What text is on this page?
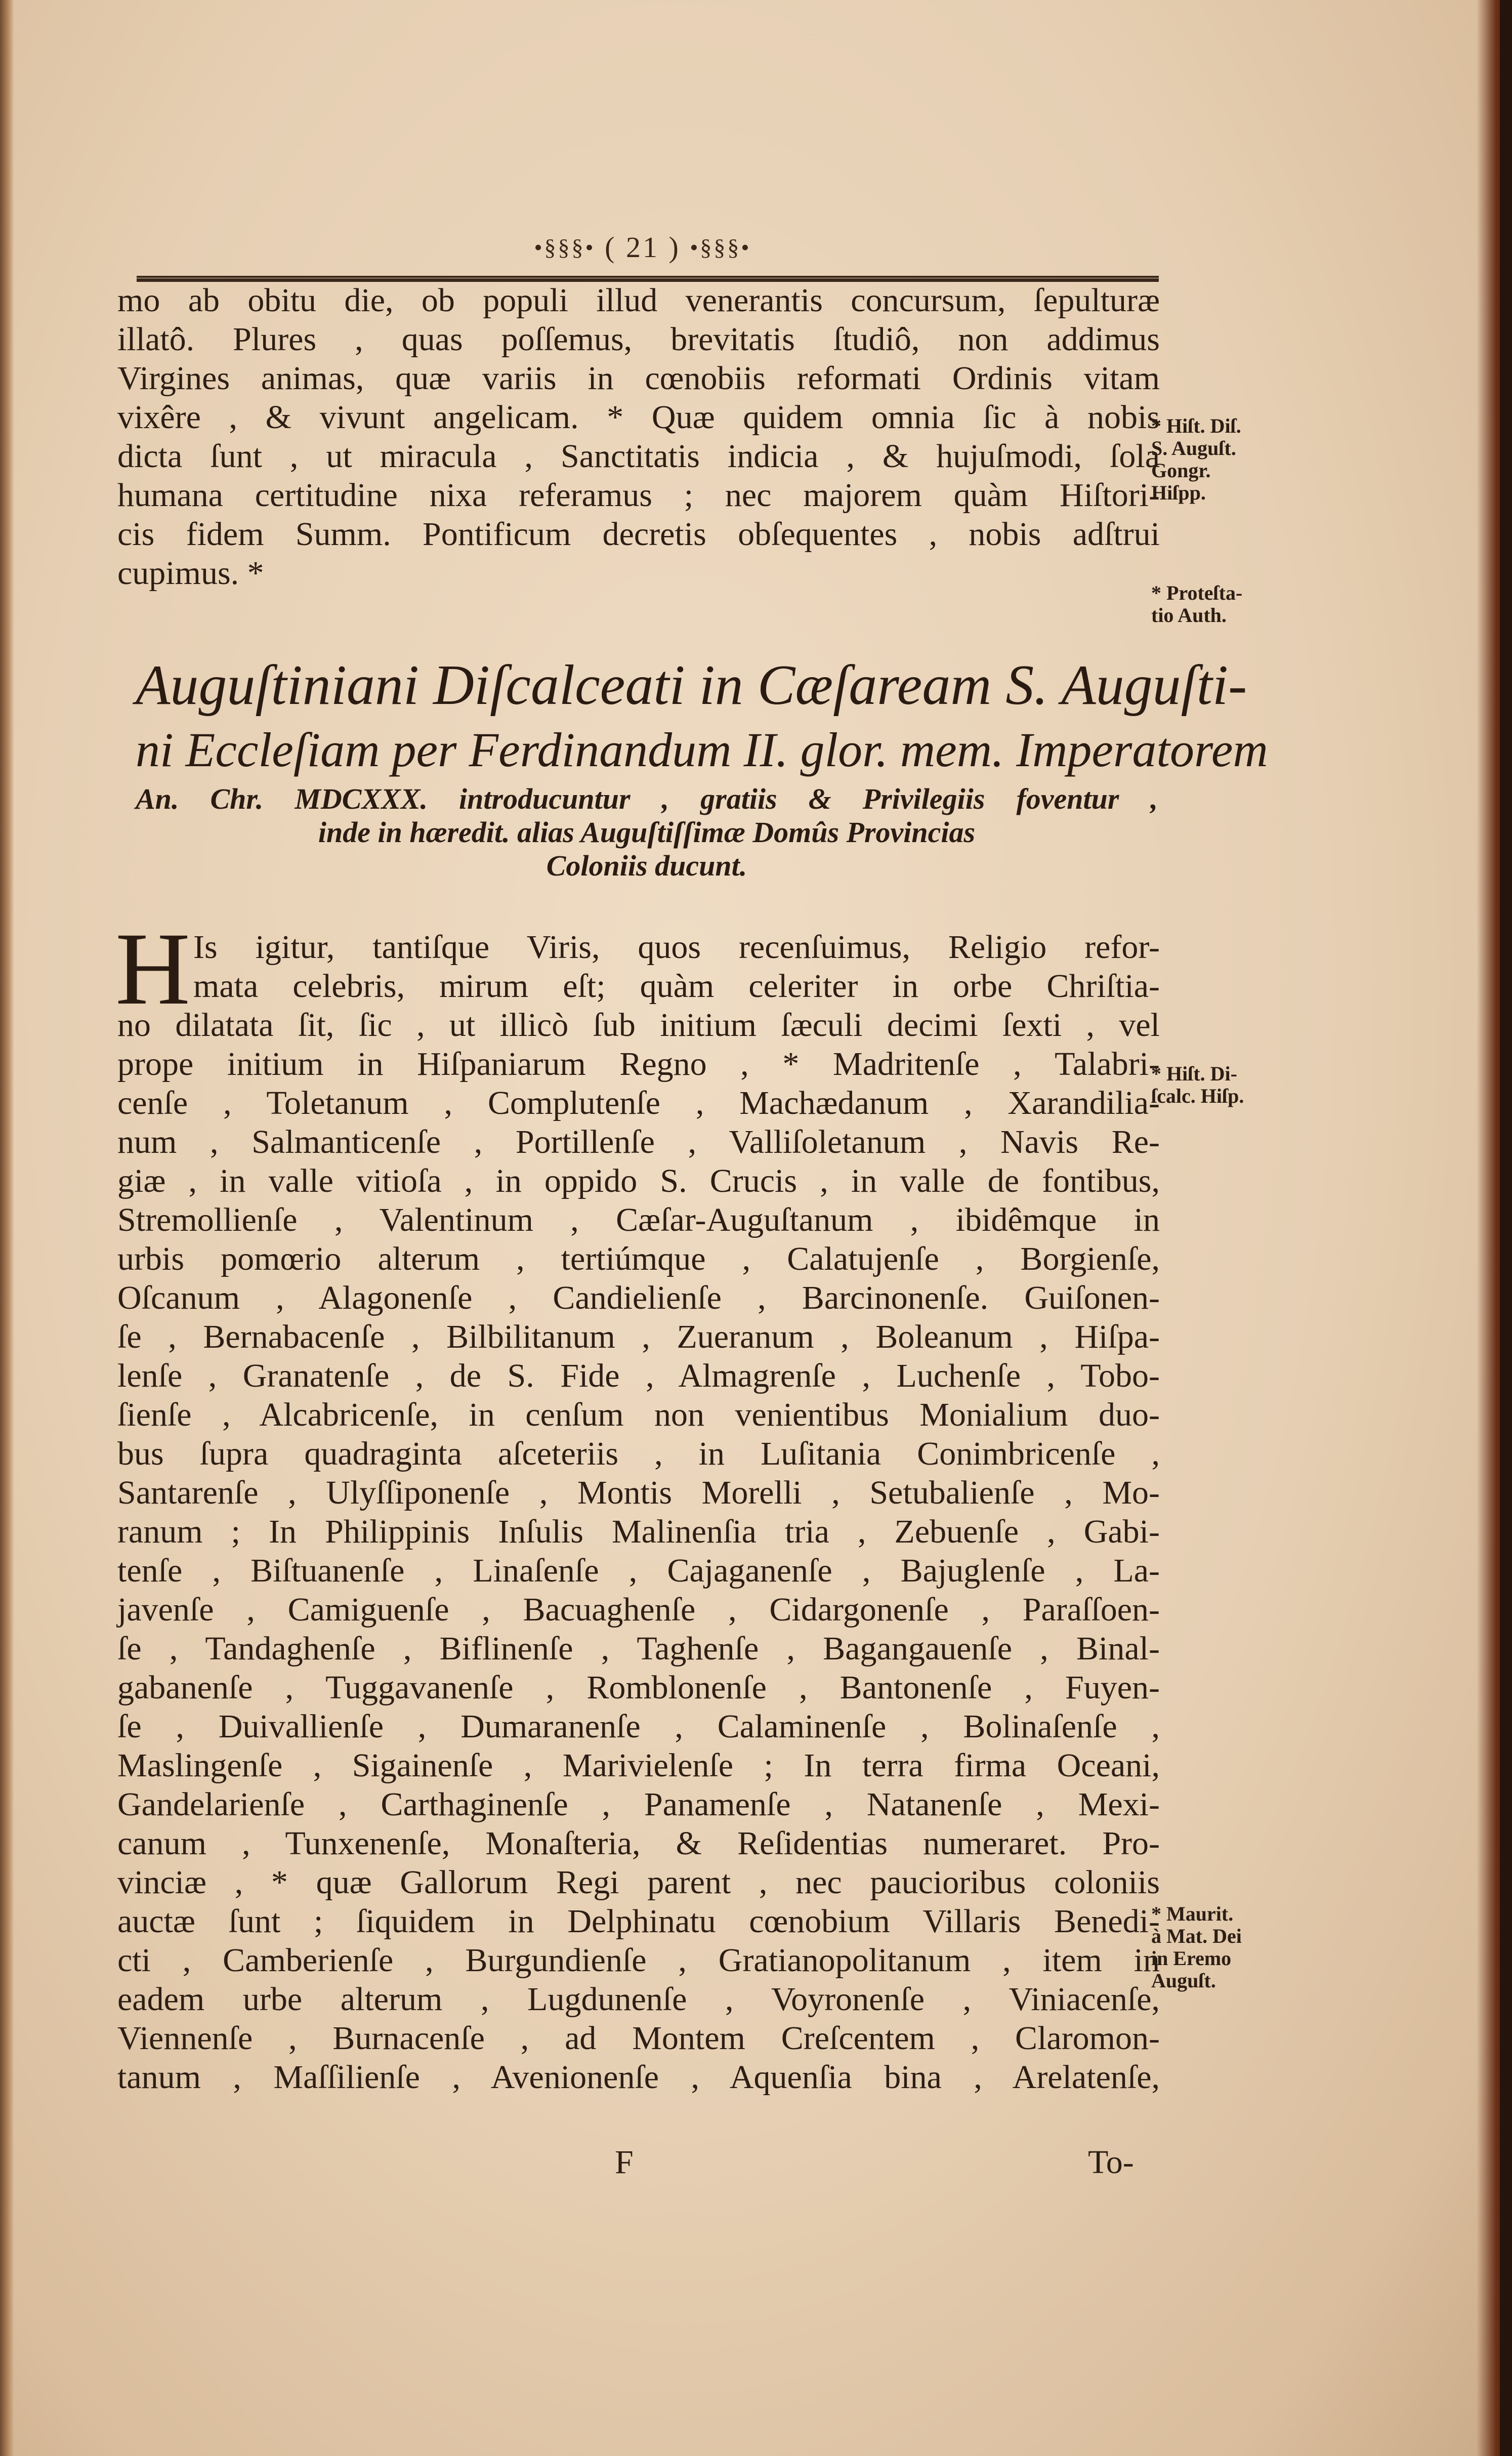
•§§§• ( 21 ) •§§§•
mo ab obitu die, ob populi illud venerantis concursum, ſepulturæ
illatô. Plures , quas poſſemus, brevitatis ſtudiô, non addimus
Virgines animas, quæ variis in cœnobiis reformati Ordinis vitam
vixêre , & vivunt angelicam. * Quæ quidem omnia ſic à nobis
dicta ſunt , ut miracula , Sanctitatis indicia , & hujuſmodi, ſola
humana certitudine nixa referamus ; nec majorem quàm Hiſtori-
cis fidem Summ. Pontificum decretis obſequentes , nobis adſtrui
cupimus. *
* Hiſt. Diſ.
S. Auguſt.
Gongr.
Hiſpp.
* Proteſta-
tio Auth.
Auguſtiniani Diſcalceati in Cæſaream S. Auguſti-
ni Eccleſiam per Ferdinandum II. glor. mem. Imperatorem
An. Chr. MDCXXX. introducuntur , gratiis & Privilegiis foventur ,
inde in hæredit. alias Auguſtiſſimæ Domûs Provincias
Coloniis ducunt.
H Is igitur, tantiſque Viris, quos recenſuimus, Religio refor-
mata celebris, mirum eſt; quàm celeriter in orbe Chriſtia-
no dilatata ſit, ſic , ut illicò ſub initium ſæculi decimi ſexti , vel
prope initium in Hiſpaniarum Regno , * Madritenſe , Talabri-
cenſe , Toletanum , Complutenſe , Machædanum , Xarandilia-
num , Salmanticenſe , Portillenſe , Valliſoletanum , Navis Re-
giæ , in valle vitioſa , in oppido S. Crucis , in valle de fontibus,
Stremollienſe , Valentinum , Cæſar-Auguſtanum , ibidêmque in
urbis pomœrio alterum , tertiúmque , Calatujenſe , Borgienſe,
Oſcanum , Alagonenſe , Candielienſe , Barcinonenſe. Guiſonen-
ſe , Bernabacenſe , Bilbilitanum , Zueranum , Boleanum , Hiſpa-
lenſe , Granatenſe , de S. Fide , Almagrenſe , Luchenſe , Tobo-
ſienſe , Alcabricenſe, in cenſum non venientibus Monialium duo-
bus ſupra quadraginta aſceteriis , in Luſitania Conimbricenſe ,
Santarenſe , Ulyſſiponenſe , Montis Morelli , Setubalienſe , Mo-
ranum ; In Philippinis Inſulis Malinenſia tria , Zebuenſe , Gabi-
tenſe , Biſtuanenſe , Linaſenſe , Cajaganenſe , Bajuglenſe , La-
javenſe , Camiguenſe , Bacuaghenſe , Cidargonenſe , Paraſſoen-
ſe , Tandaghenſe , Biflinenſe , Taghenſe , Bagangauenſe , Binal-
gabanenſe , Tuggavanenſe , Romblonenſe , Bantonenſe , Fuyen-
ſe , Duivallienſe , Dumaranenſe , Calaminenſe , Bolinaſenſe ,
Maslingenſe , Sigainenſe , Marivielenſe ; In terra firma Oceani,
Gandelarienſe , Carthaginenſe , Panamenſe , Natanenſe , Mexi-
canum , Tunxenenſe, Monaſteria, & Reſidentias numeraret. Pro-
vinciæ , * quæ Gallorum Regi parent , nec paucioribus coloniis
auctæ ſunt ; ſiquidem in Delphinatu cœnobium Villaris Benedi-
cti , Camberienſe , Burgundienſe , Gratianopolitanum , item in
eadem urbe alterum , Lugdunenſe , Voyronenſe , Viniacenſe,
Viennenſe , Burnacenſe , ad Montem Creſcentem , Claromon-
tanum , Maſſilienſe , Avenionenſe , Aquenſia bina , Arelatenſe,
* Hiſt. Di-
ſcalc. Hiſp.
* Maurit.
à Mat. Dei
in Eremo
Auguſt.
F	To-
